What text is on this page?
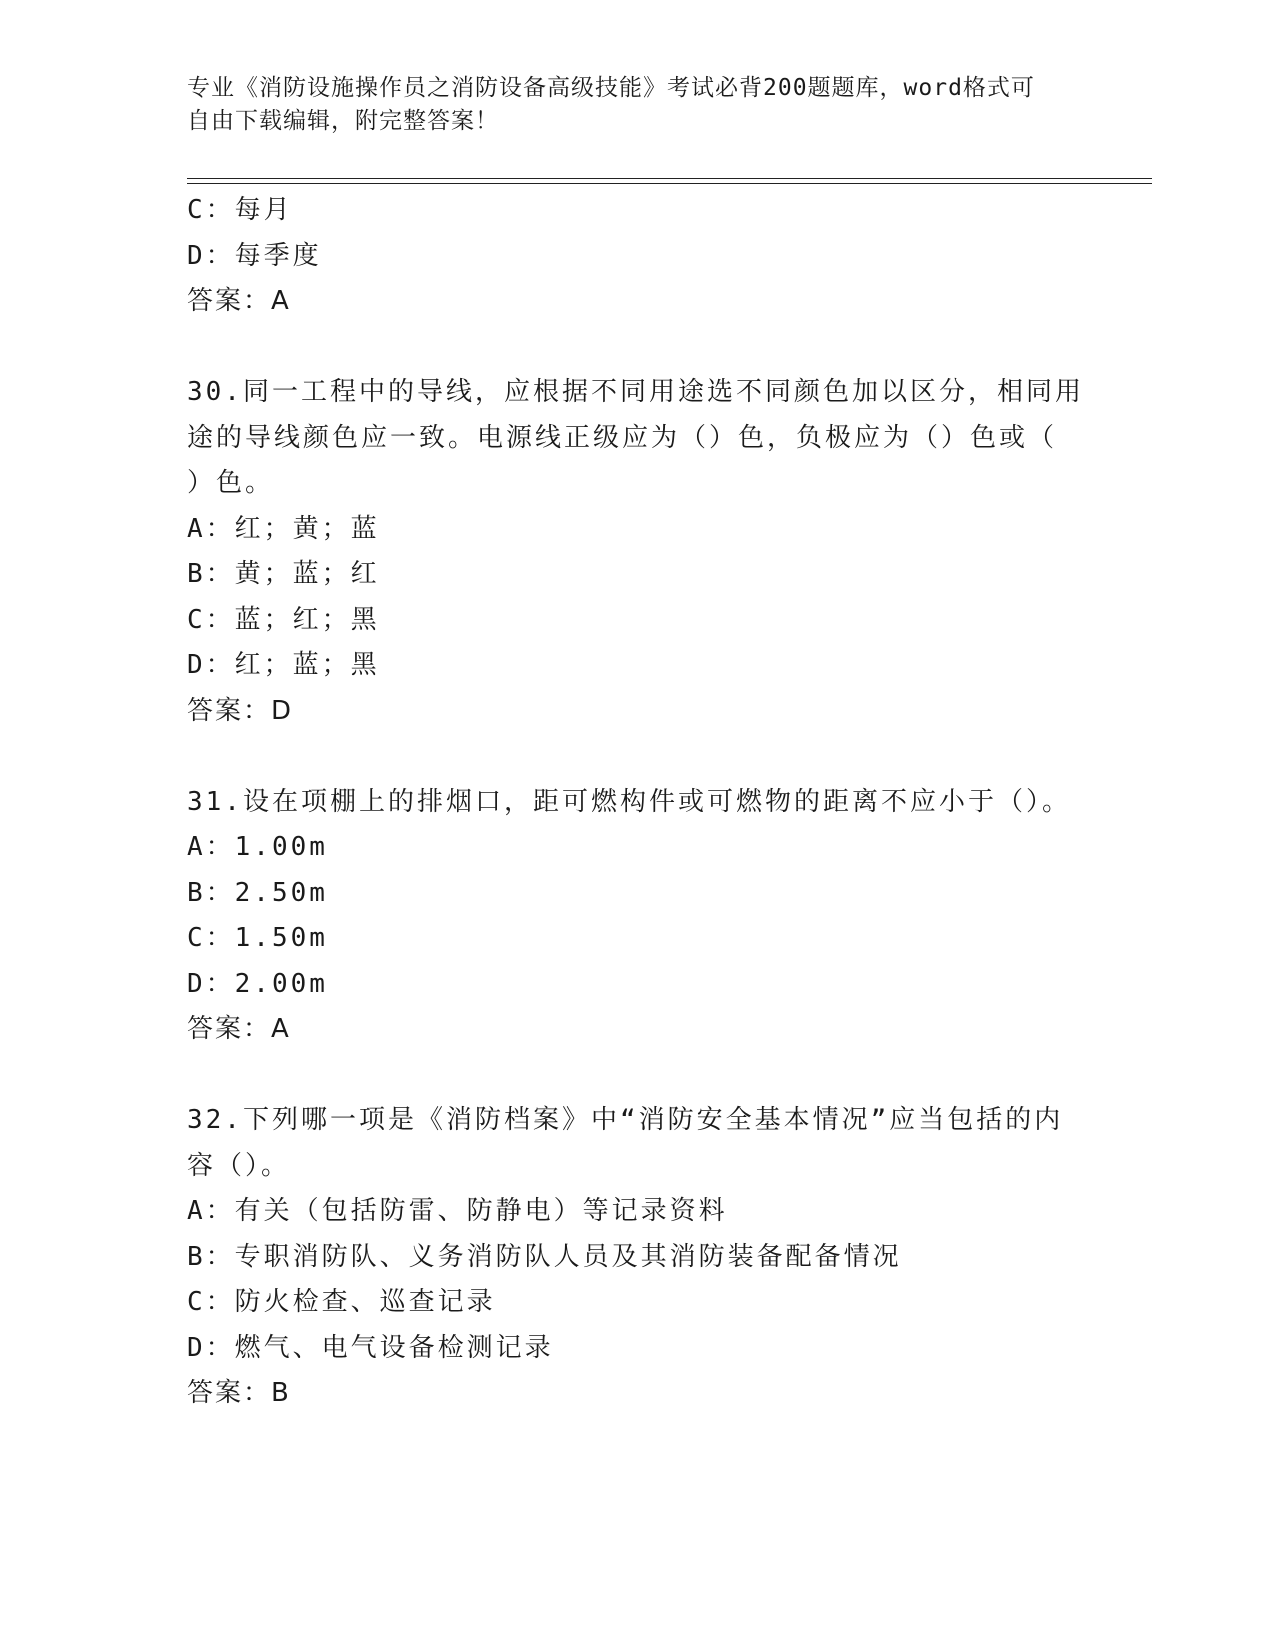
专业《消防设施操作员之消防设备高级技能》考试必背200题题库，word格式可
自由下载编辑，附完整答案！
C：每月
D：每季度
答案：A
30.同一工程中的导线，应根据不同用途选不同颜色加以区分，相同用
途的导线颜色应一致。电源线正级应为（）色，负极应为（）色或（
）色。
A：红；黄；蓝
B：黄；蓝；红
C：蓝；红；黑
D：红；蓝；黑
答案：D
31.设在项棚上的排烟口，距可燃构件或可燃物的距离不应小于（）。
A：1.00m
B：2.50m
C：1.50m
D：2.00m
答案：A
32.下列哪一项是《消防档案》中“消防安全基本情况”应当包括的内
容（）。
A：有关（包括防雷、防静电）等记录资料
B：专职消防队、义务消防队人员及其消防装备配备情况
C：防火检查、巡查记录
D：燃气、电气设备检测记录
答案：B
